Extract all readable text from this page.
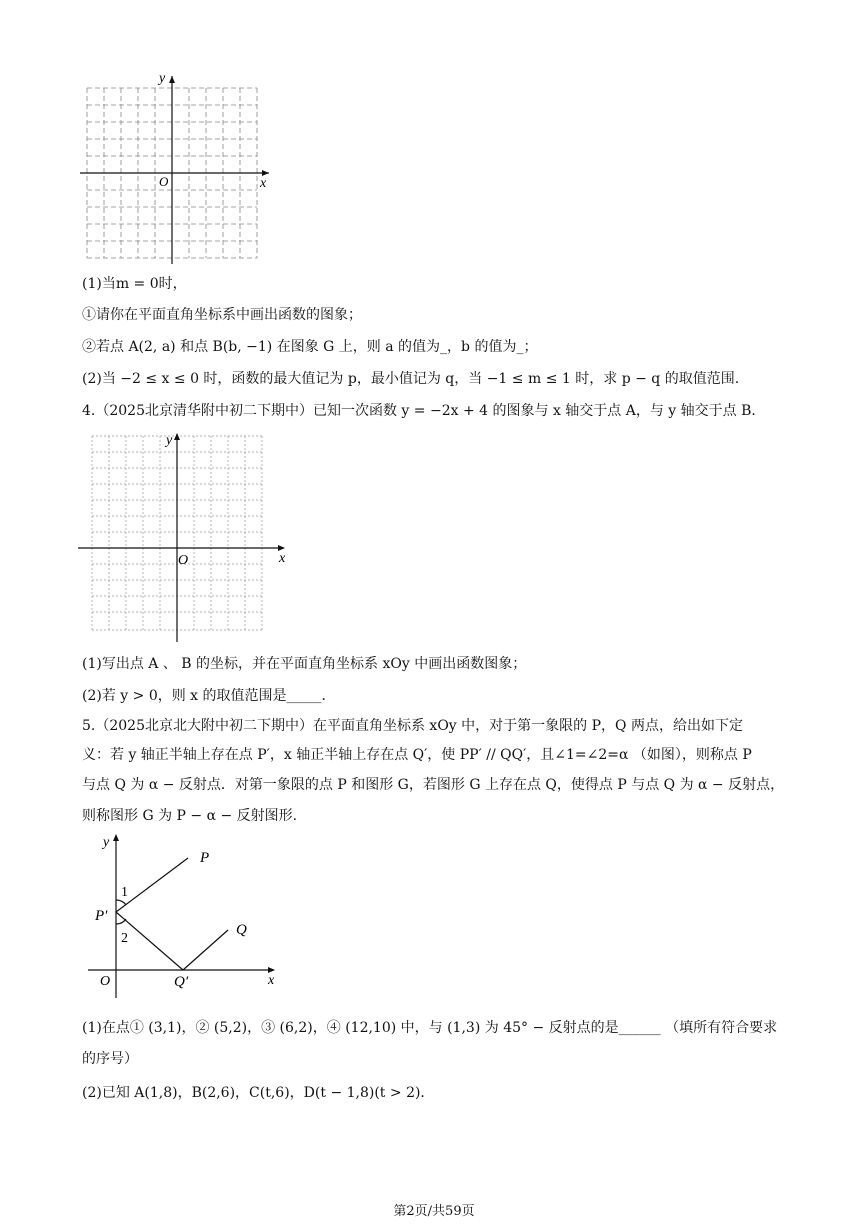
y
x
O
(1)当m = 0时，
①请你在平面直角坐标系中画出函数的图象；
②若点 A(2, a) 和点 B(b, −1) 在图象 G 上，则 a 的值为_，b 的值为_；
(2)当 −2 ≤ x ≤ 0 时，函数的最大值记为 p，最小值记为 q，当 −1 ≤ m ≤ 1 时，求 p − q 的取值范围.
4.（2025北京清华附中初二下期中）已知一次函数 y = −2x + 4 的图象与 x 轴交于点 A，与 y 轴交于点 B．
y
x
O
(1)写出点 A 、 B 的坐标，并在平面直角坐标系 xOy 中画出函数图象；
(2)若 y > 0，则 x 的取值范围是_____．
5.（2025北京北大附中初二下期中）在平面直角坐标系 xOy 中，对于第一象限的 P，Q 两点，给出如下定
义：若 y 轴正半轴上存在点 P′，x 轴正半轴上存在点 Q′，使 PP′ // QQ′，且∠1=∠2=α （如图），则称点 P
与点 Q 为 α − 反射点．对第一象限的点 P 和图形 G，若图形 G 上存在点 Q，使得点 P 与点 Q 为 α − 反射点，
则称图形 G 为 P − α − 反射图形.
y
x
O
P
Q
P′
Q′
1
2
(1)在点① (3,1)，② (5,2)，③ (6,2)，④ (12,10) 中，与 (1,3) 为 45° − 反射点的是______ （填所有符合要求
的序号）
(2)已知 A(1,8)，B(2,6)，C(t,6)，D(t − 1,8)(t > 2)．
第2页/共59页
